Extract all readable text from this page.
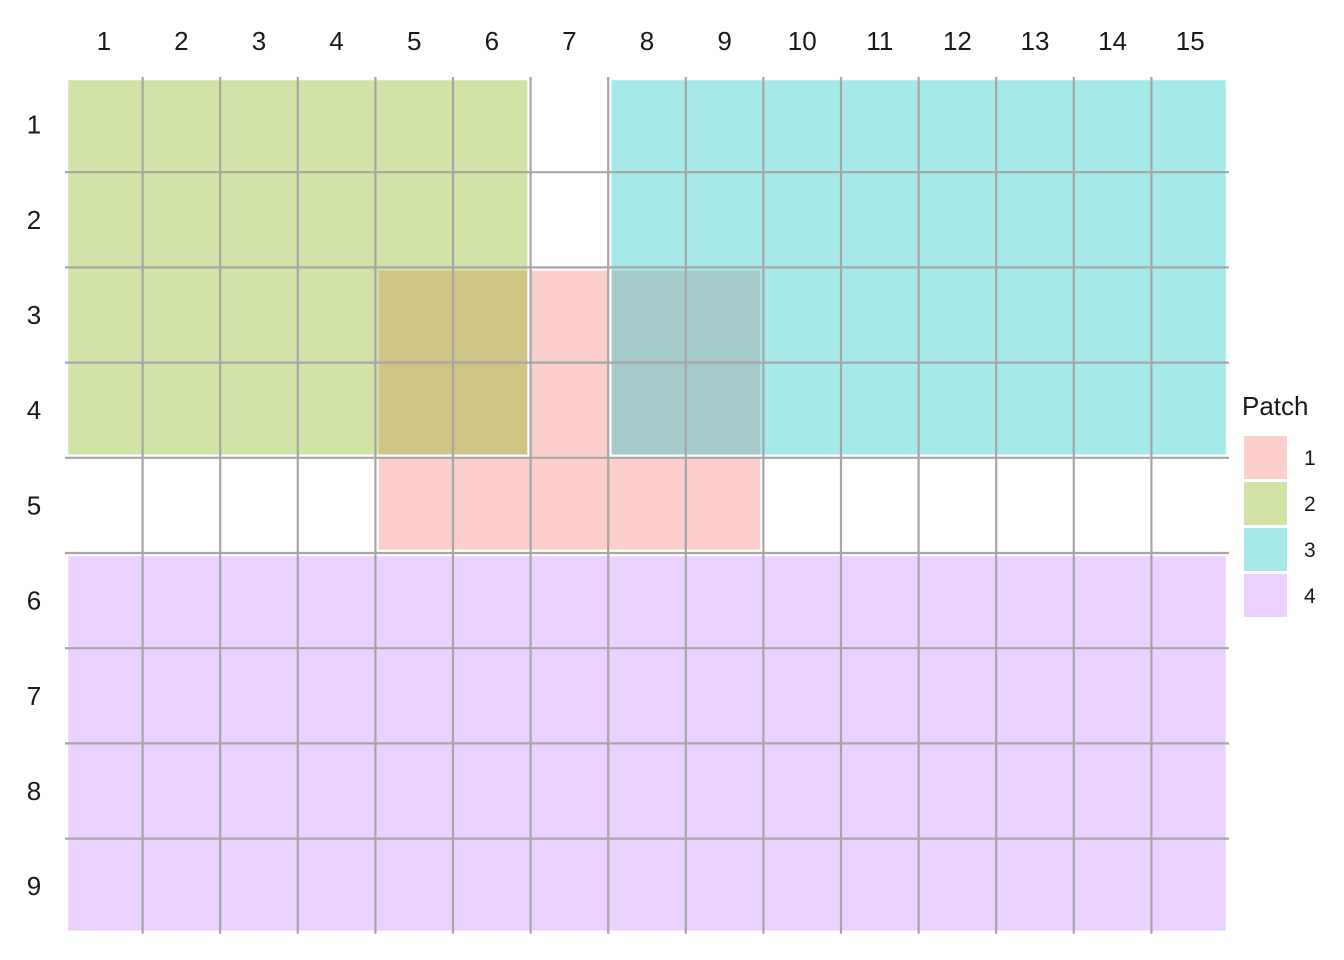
1 2 3 4 5 6 7 8 9 10 11 12 13 14 15
1
2
3
4
5
6
7
8
9
Patch
1
2
3
4
